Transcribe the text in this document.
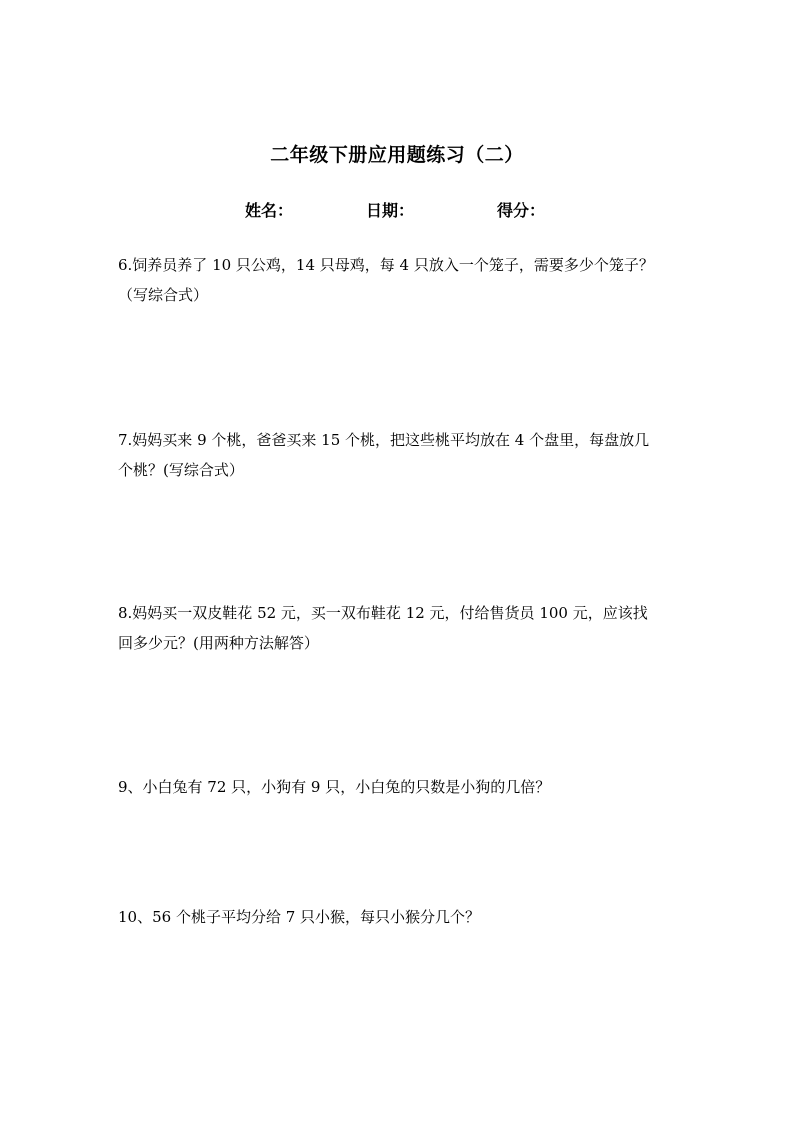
二年级下册应用题练习（二）
姓名：	日期：	得分：
6.饲养员养了 10 只公鸡，14 只母鸡，每 4 只放入一个笼子，需要多少个笼子？
（写综合式）
7.妈妈买来 9 个桃，爸爸买来 15 个桃，把这些桃平均放在 4 个盘里，每盘放几
个桃？(写综合式）
8.妈妈买一双皮鞋花 52 元，买一双布鞋花 12 元，付给售货员 100 元，应该找
回多少元？(用两种方法解答）
9、小白兔有 72 只，小狗有 9 只，小白兔的只数是小狗的几倍？
10、56 个桃子平均分给 7 只小猴，每只小猴分几个？
